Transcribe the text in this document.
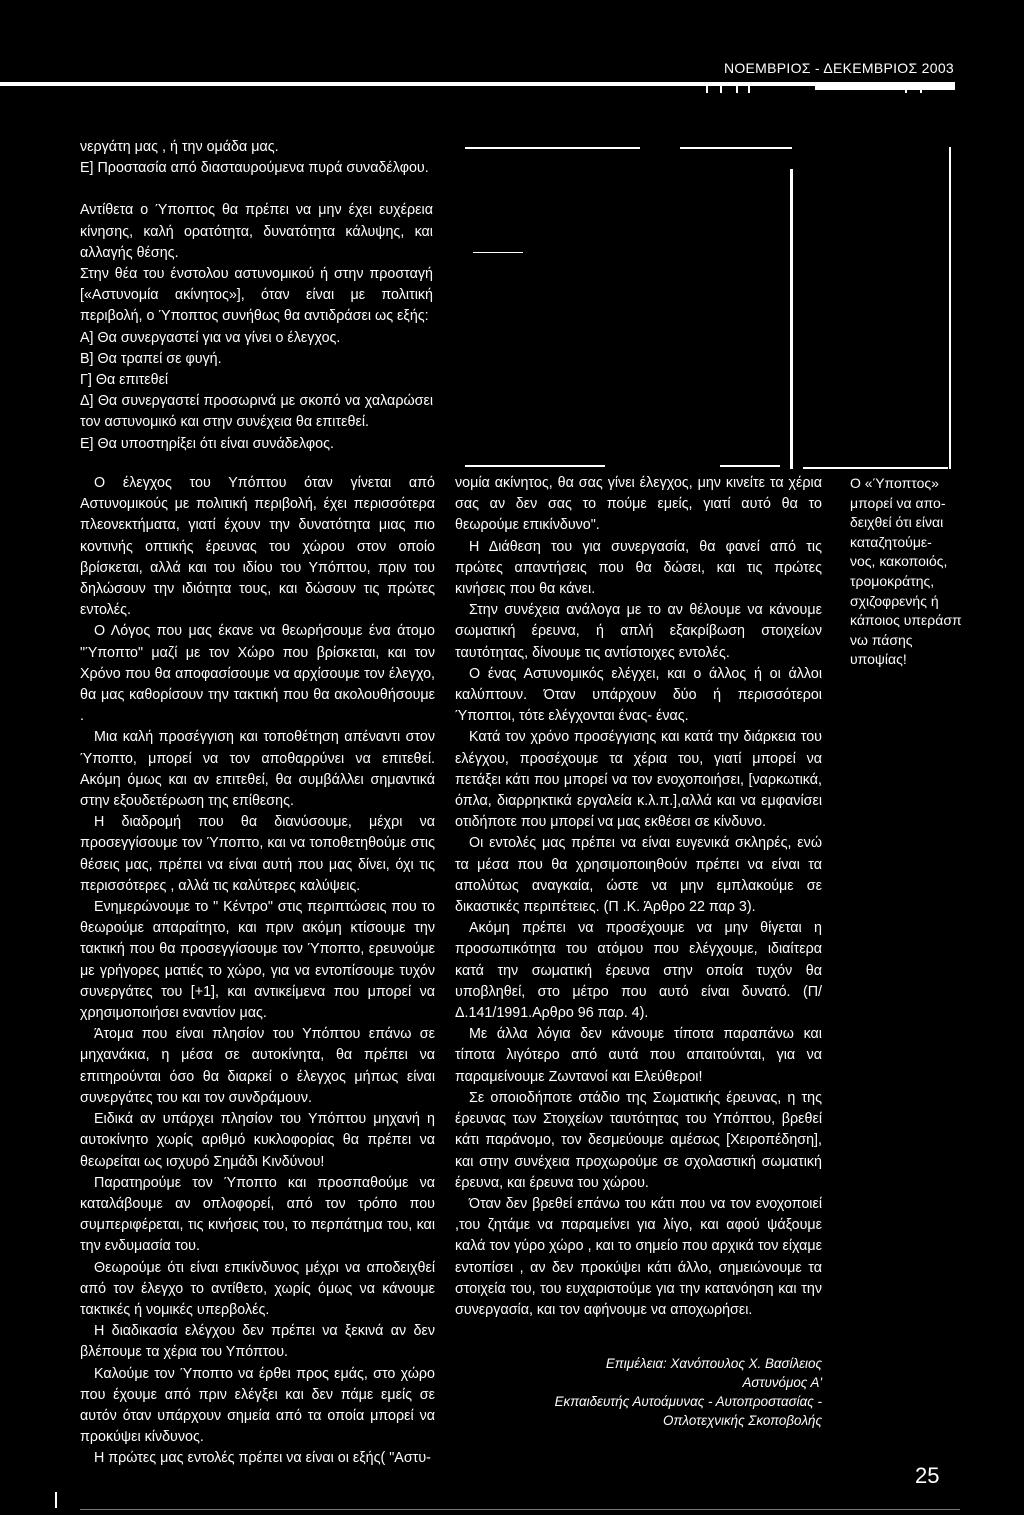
ΝΟΕΜΒΡΙΟΣ - ΔΕΚΕΜΒΡΙΟΣ 2003

νεργάτη μας , ή την ομάδα μας.

Ε] Προστασία από διασταυρούμενα πυρά συναδέλφου.

Αντίθετα ο Ύποπτος θα πρέπει να μην έχει ευχέρεια κίνησης, καλή ορατότητα, δυνατότητα κάλυψης, και αλλαγής θέσης.

Στην θέα του ένστολου αστυνομικού ή στην προσταγή [«Αστυνομία ακίνητος»], όταν είναι με πολιτική περιβολή, ο Ύποπτος συνήθως θα αντιδράσει ως εξής:

Α] Θα συνεργαστεί για να γίνει ο έλεγχος.

Β] Θα τραπεί σε φυγή.

Γ] Θα επιτεθεί

Δ] Θα συνεργαστεί προσωρινά με σκοπό να χαλαρώσει τον αστυνομικό και στην συνέχεια θα επιτεθεί.

Ε] Θα υποστηρίξει ότι είναι συνάδελφος.

Ο έλεγχος του Υπόπτου όταν γίνεται από Αστυνομικούς με πολιτική περιβολή, έχει περισσότερα πλεονεκτήματα, γιατί έχουν την δυνατότητα μιας πιο κοντινής οπτικής έρευνας του χώρου στον οποίο βρίσκεται, αλλά και του ιδίου του Υπόπτου, πριν του δηλώσουν την ιδιότητα τους, και δώσουν τις πρώτες εντολές.

Ο Λόγος που μας έκανε να θεωρήσουμε ένα άτομο "Ύποπτο" μαζί με τον Χώρο που βρίσκεται, και τον Χρόνο που θα αποφασίσουμε να αρχίσουμε τον έλεγχο, θα μας καθορίσουν την τακτική που θα ακολουθήσουμε .

Μια καλή προσέγγιση και τοποθέτηση απέναντι στον Ύποπτο, μπορεί να τον αποθαρρύνει να επιτεθεί. Ακόμη όμως και αν επιτεθεί, θα συμβάλλει σημαντικά στην εξουδετέρωση της επίθεσης.

Η διαδρομή που θα διανύσουμε, μέχρι να προσεγγίσουμε τον Ύποπτο, και να τοποθετηθούμε στις θέσεις μας, πρέπει να είναι αυτή που μας δίνει, όχι τις περισσότερες , αλλά τις καλύτερες καλύψεις.

Ενημερώνουμε το " Κέντρο" στις περιπτώσεις που το θεωρούμε απαραίτητο, και πριν ακόμη κτίσουμε την τακτική που θα προσεγγίσουμε τον Ύποπτο, ερευνούμε με γρήγορες ματιές το χώρο, για να εντοπίσουμε τυχόν συνεργάτες του [+1], και αντικείμενα που μπορεί να χρησιμοποιήσει εναντίον μας.

Άτομα που είναι πλησίον του Υπόπτου επάνω σε μηχανάκια, η μέσα σε αυτοκίνητα, θα πρέπει να επιτηρούνται όσο θα διαρκεί ο έλεγχος μήπως είναι συνεργάτες του και τον συνδράμουν.

Ειδικά αν υπάρχει πλησίον του Υπόπτου μηχανή η αυτοκίνητο χωρίς αριθμό κυκλοφορίας θα πρέπει να θεωρείται ως ισχυρό Σημάδι Κινδύνου!

Παρατηρούμε τον Ύποπτο και προσπαθούμε να καταλάβουμε αν οπλοφορεί, από τον τρόπο που συμπεριφέρεται, τις κινήσεις του, το περπάτημα του, και την ενδυμασία του.

Θεωρούμε ότι είναι επικίνδυνος μέχρι να αποδειχθεί από τον έλεγχο το αντίθετο, χωρίς όμως να κάνουμε τακτικές ή νομικές υπερβολές.

Η διαδικασία ελέγχου δεν πρέπει να ξεκινά αν δεν βλέπουμε τα χέρια του Υπόπτου.

Καλούμε τον Ύποπτο να έρθει προς εμάς, στο χώρο που έχουμε από πριν ελέγξει και δεν πάμε εμείς σε αυτόν όταν υπάρχουν σημεία από τα οποία μπορεί να προκύψει κίνδυνος.

Η πρώτες μας εντολές πρέπει να είναι οι εξής( "Αστυ-

νομία ακίνητος, θα σας γίνει έλεγχος, μην κινείτε τα χέρια σας αν δεν σας το πούμε εμείς, γιατί αυτό θα το θεωρούμε επικίνδυνο".

Η Διάθεση του για συνεργασία, θα φανεί από τις πρώτες απαντήσεις που θα δώσει, και τις πρώτες κινήσεις που θα κάνει.

Στην συνέχεια ανάλογα με το αν θέλουμε να κάνουμε σωματική έρευνα, ή απλή εξακρίβωση στοιχείων ταυτότητας, δίνουμε τις αντίστοιχες εντολές.

Ο ένας Αστυνομικός ελέγχει, και ο άλλος ή οι άλλοι καλύπτουν. Όταν υπάρχουν δύο ή περισσότεροι Ύποπτοι, τότε ελέγχονται ένας- ένας.

Κατά τον χρόνο προσέγγισης και κατά την διάρκεια του ελέγχου, προσέχουμε τα χέρια του, γιατί μπορεί να πετάξει κάτι που μπορεί να τον ενοχοποιήσει, [ναρκωτικά, όπλα, διαρρηκτικά εργαλεία κ.λ.π.],αλλά και να εμφανίσει οτιδήποτε που μπορεί να μας εκθέσει σε κίνδυνο.

Οι εντολές μας πρέπει να είναι ευγενικά σκληρές, ενώ τα μέσα που θα χρησιμοποιηθούν πρέπει να είναι τα απολύτως αναγκαία, ώστε να μην εμπλακούμε σε δικαστικές περιπέτειες. (Π .Κ. Άρθρο 22 παρ 3).

Ακόμη πρέπει να προσέχουμε να μην θίγεται η προσωπικότητα του ατόμου που ελέγχουμε, ιδιαίτερα κατά την σωματική έρευνα στην οποία τυχόν θα υποβληθεί, στο μέτρο που αυτό είναι δυνατό. (Π/Δ.141/1991.Αρθρο 96 παρ. 4).

Με άλλα λόγια δεν κάνουμε τίποτα παραπάνω και τίποτα λιγότερο από αυτά που απαιτούνται, για να παραμείνουμε Ζωντανοί και Ελεύθεροι!

Σε οποιοδήποτε στάδιο της Σωματικής έρευνας, η της έρευνας των Στοιχείων ταυτότητας του Υπόπτου, βρεθεί κάτι παράνομο, τον δεσμεύουμε αμέσως [Χειροπέδηση], και στην συνέχεια προχωρούμε σε σχολαστική σωματική έρευνα, και έρευνα του χώρου.

Όταν δεν βρεθεί επάνω του κάτι που να τον ενοχοποιεί ,του ζητάμε να παραμείνει για λίγο, και αφού ψάξουμε καλά τον γύρο χώρο , και το σημείο που αρχικά τον είχαμε εντοπίσει , αν δεν προκύψει κάτι άλλο, σημειώνουμε τα στοιχεία του, του ευχαριστούμε για την κατανόηση και την συνεργασία, και τον αφήνουμε να αποχωρήσει.

Ο «Ύποπτος»

μπορεί να απο-

δειχθεί ότι είναι

καταζητούμε-

νος, κακοποιός,

τρομοκράτης,

σχιζοφρενής ή

κάποιος υπεράσπ

νω πάσης

υποψίας!

Επιμέλεια: Χανόπουλος Χ. Βασίλειος

Αστυνόμος Α'

Εκπαιδευτής Αυτοάμυνας - Αυτοπροστασίας -

Οπλοτεχνικής Σκοποβολής

25
